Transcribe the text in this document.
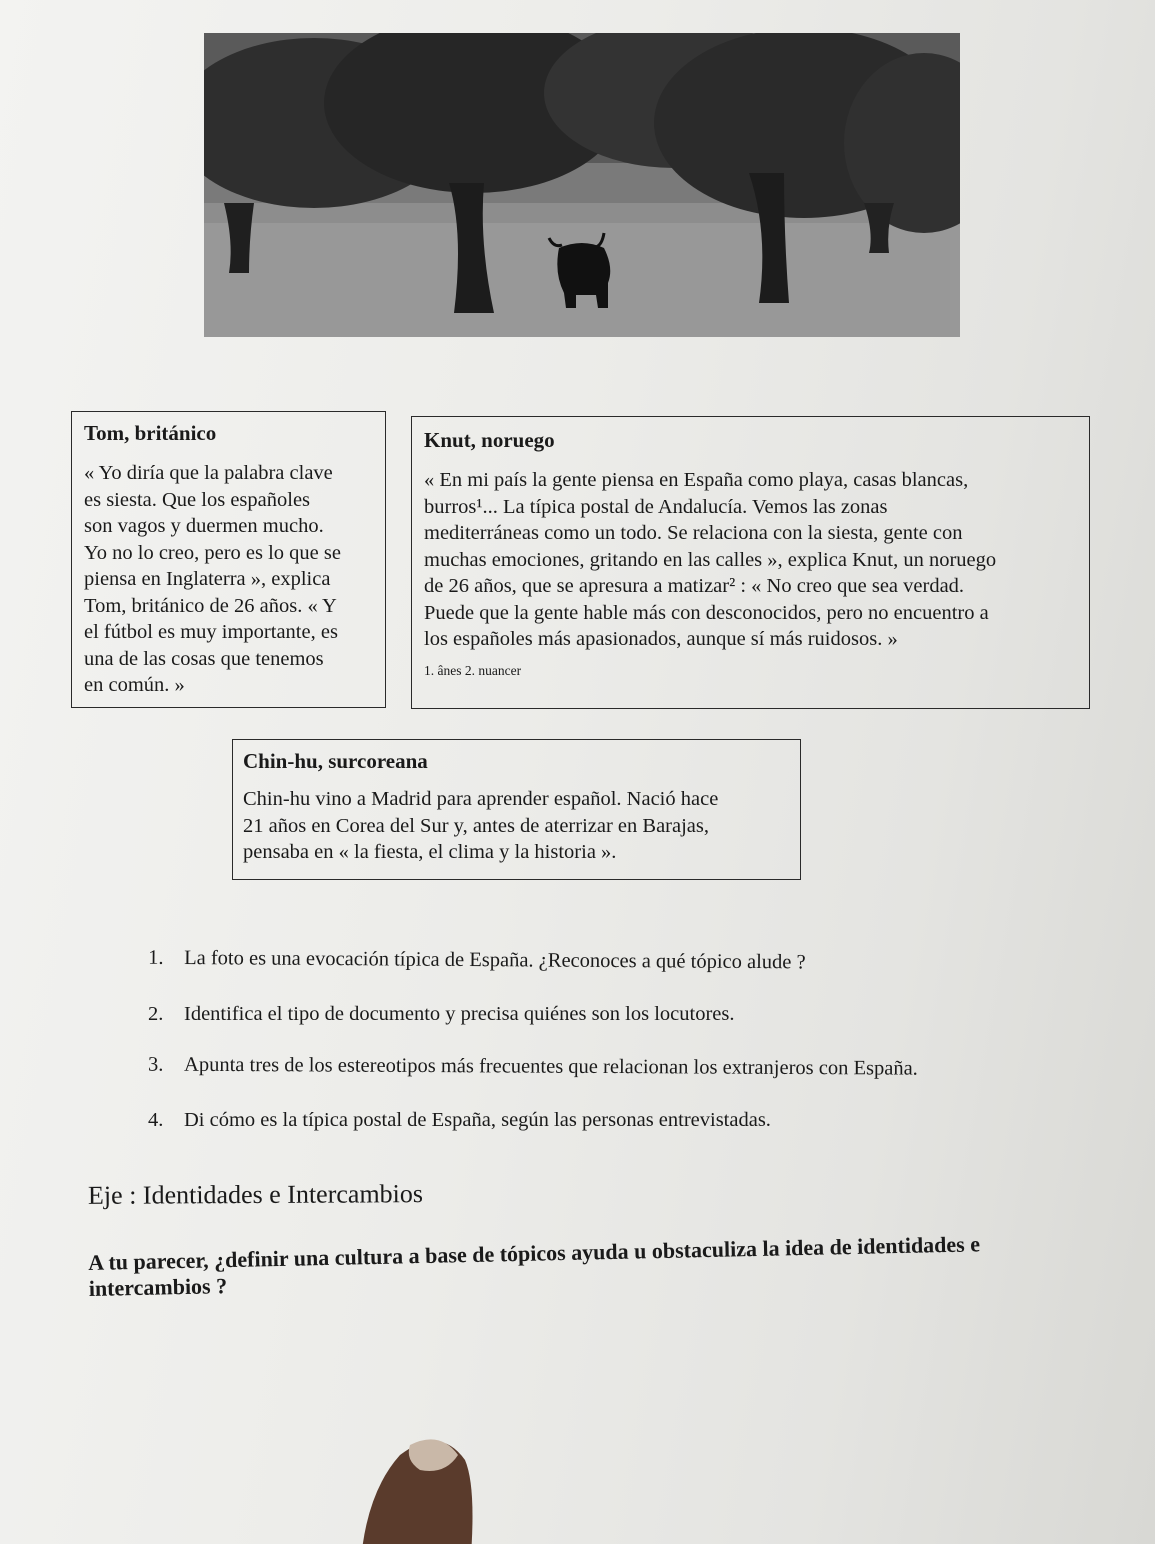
Tom, británico
« Yo diría que la palabra clave
es siesta. Que los españoles
son vagos y duermen mucho.
Yo no lo creo, pero es lo que se
piensa en Inglaterra », explica
Tom, británico de 26 años. « Y
el fútbol es muy importante, es
una de las cosas que tenemos
en común. »
Knut, noruego
« En mi país la gente piensa en España como playa, casas blancas,
burros¹... La típica postal de Andalucía. Vemos las zonas
mediterráneas como un todo. Se relaciona con la siesta, gente con
muchas emociones, gritando en las calles », explica Knut, un noruego
de 26 años, que se apresura a matizar² : « No creo que sea verdad.
Puede que la gente hable más con desconocidos, pero no encuentro a
los españoles más apasionados, aunque sí más ruidosos. »
1. ânes 2. nuancer
Chin-hu, surcoreana
Chin-hu vino a Madrid para aprender español. Nació hace
21 años en Corea del Sur y, antes de aterrizar en Barajas,
pensaba en « la fiesta, el clima y la historia ».
1. La foto es una evocación típica de España. ¿Reconoces a qué tópico alude ?
2.	Identifica el tipo de documento y precisa quiénes son los locutores.
3.	Apunta tres de los estereotipos más frecuentes que relacionan los extranjeros con España.
4.	Di cómo es la típica postal de España, según las personas entrevistadas.
Eje : Identidades e Intercambios
A tu parecer, ¿definir una cultura a base de tópicos ayuda u obstaculiza la idea de identidades e intercambios ?
